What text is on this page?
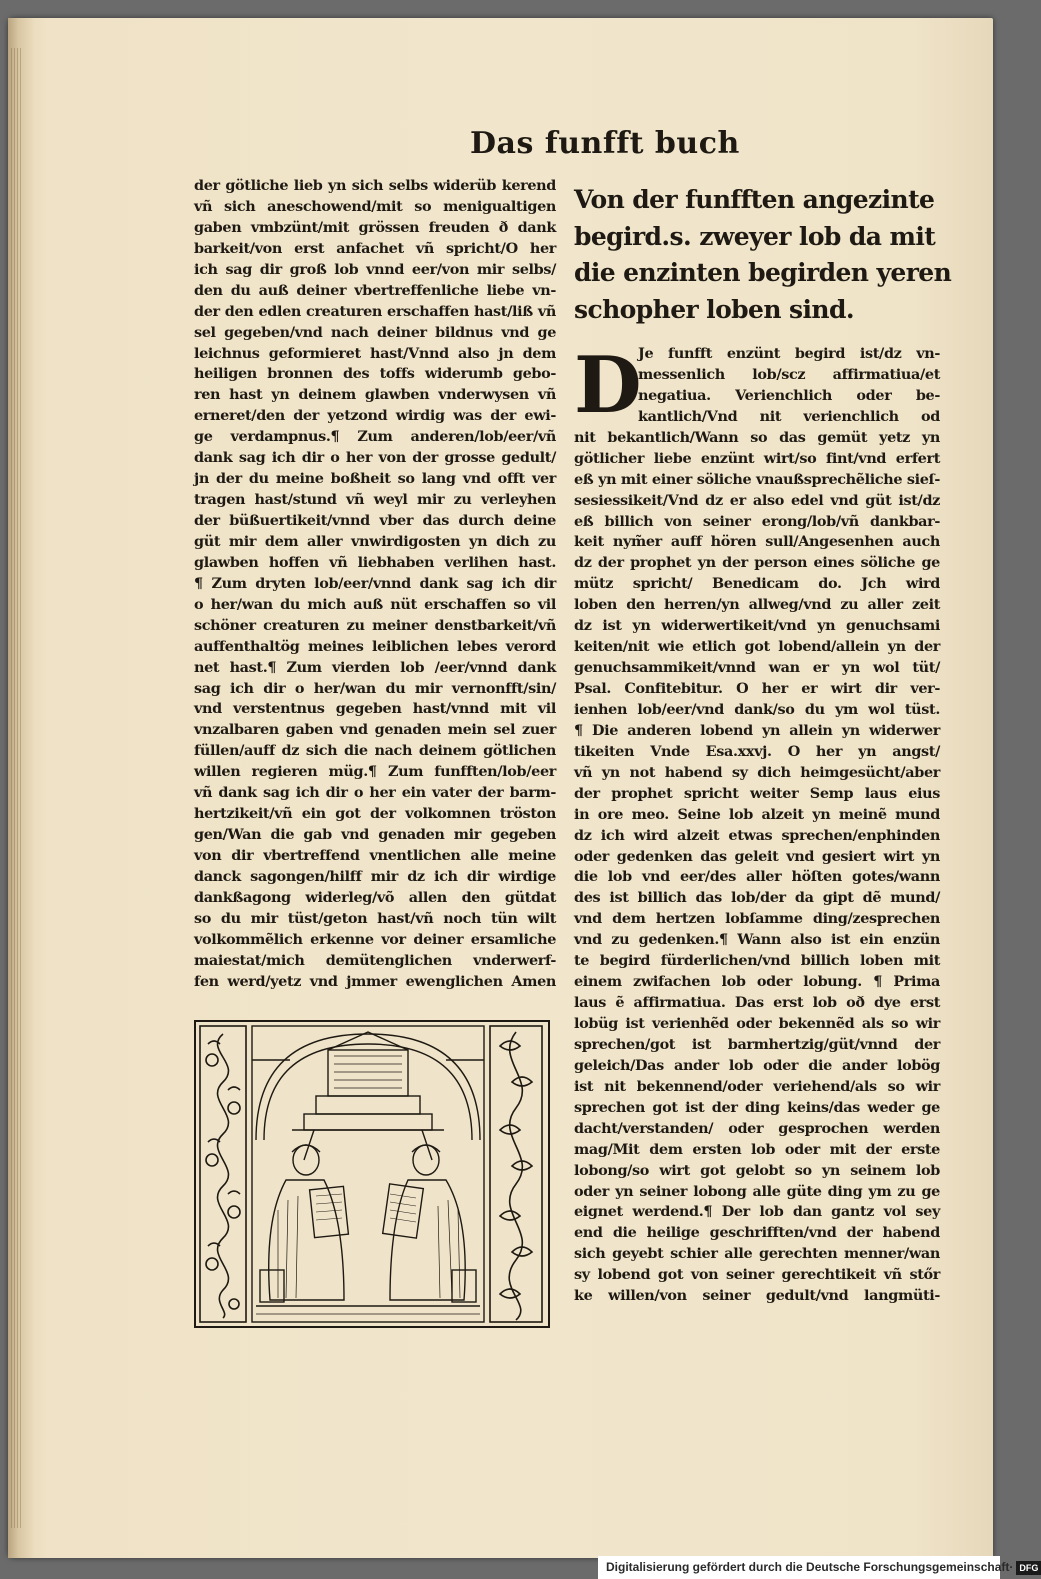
Das funfft buch
der götliche lieb yn sich selbs widerüb kerend
vñ sich aneschowend/mit so menigualtigen
gaben vmbzünt/mit grössen freuden ð dank
barkeit/von erst anfachet vñ spricht/O her
ich sag dir groß lob vnnd eer/von mir selbs/
den du auß deiner vbertreffenliche liebe vn-
der den edlen creaturen erschaffen hast/liß vñ
sel gegeben/vnd nach deiner bildnus vnd ge
leichnus geformieret hast/Vnnd also jn dem
heiligen bronnen des toffs widerumb gebo-
ren hast yn deinem glawben vnderwysen vñ
erneret/den der yetzond wirdig was der ewi-
ge verdampnus.¶ Zum anderen/lob/eer/vñ
dank sag ich dir o her von der grosse gedult/
jn der du meine boßheit so lang vnd offt ver
tragen hast/stund vñ weyl mir zu verleyhen
der büßuertikeit/vnnd vber das durch deine
güt mir dem aller vnwirdigosten yn dich zu
glawben hoffen vñ liebhaben verlihen hast.
¶ Zum dryten lob/eer/vnnd dank sag ich dir
o her/wan du mich auß nüt erschaffen so vil
schöner creaturen zu meiner denstbarkeit/vñ
auffenthaltög meines leiblichen lebes verord
net hast.¶ Zum vierden lob /eer/vnnd dank
sag ich dir o her/wan du mir vernonfft/sin/
vnd verstentnus gegeben hast/vnnd mit vil
vnzalbaren gaben vnd genaden mein sel zuer
füllen/auff dz sich die nach deinem götlichen
willen regieren müg.¶ Zum funfften/lob/eer
vñ dank sag ich dir o her ein vater der barm-
hertzikeit/vñ ein got der volkomnen tröston
gen/Wan die gab vnd genaden mir gegeben
von dir vbertreffend vnentlichen alle meine
danck sagongen/hilff mir dz ich dir wirdige
dankßagong widerleg/võ allen den gütdat
so du mir tüst/geton hast/vñ noch tün wilt
volkommẽlich erkenne vor deiner ersamliche
maiestat/mich demütenglichen vnderwerf-
fen werd/yetz vnd jmmer ewenglichen Amen
Von der funfften angezinte
begird.s. zweyer lob da mit
die enzinten begirden yeren
schopher loben sind.
D
Je funfft enzünt begird ist/dz vn-
messenlich lob/scz affirmatiua/et
negatiua. Verienchlich oder be-
kantlich/Vnd nit verienchlich od
nit bekantlich/Wann so das gemüt yetz yn
götlicher liebe enzünt wirt/so fint/vnd erfert
eß yn mit einer söliche vnaußsprechẽliche sieſ-
sesiessikeit/Vnd dz er also edel vnd güt ist/dz
eß billich von seiner erong/lob/vñ dankbar-
keit nym̃er auff hören sull/Angesenhen auch
dz der prophet yn der person eines söliche ge
mütz spricht/ Benedicam do. Jch wird
loben den herren/yn allweg/vnd zu aller zeit
dz ist yn widerwertikeit/vnd yn genuchsami
keiten/nit wie etlich got lobend/allein yn der
genuchsammikeit/vnnd wan er yn wol tüt/
Psal. Confitebitur. O her er wirt dir ver-
ienhen lob/eer/vnd dank/so du ym wol tüst.
¶ Die anderen lobend yn allein yn widerwer
tikeiten Vnde Esa.xxvj. O her yn angst/
vñ yn not habend sy dich heimgesücht/aber
der prophet spricht weiter Semp laus eius
in ore meo. Seine lob alzeit yn meinẽ mund
dz ich wird alzeit etwas sprechen/enphinden
oder gedenken das geleit vnd gesiert wirt yn
die lob vnd eer/des aller höſten gotes/wann
des ist billich das lob/der da gipt dẽ mund/
vnd dem hertzen lobſamme ding/zesprechen
vnd zu gedenken.¶ Wann also ist ein enzün
te begird fürderlichen/vnd billich loben mit
einem zwifachen lob oder lobung. ¶ Prima
laus ẽ affirmatiua. Das erst lob oð dye erst
lobüg ist verienhẽd oder bekennẽd als so wir
sprechen/got ist barmhertzig/güt/vnnd der
geleich/Das ander lob oder die ander lobög
ist nit bekennend/oder veriehend/als so wir
sprechen got ist der ding keins/das weder ge
dacht/verstanden/ oder gesprochen werden
mag/Mit dem ersten lob oder mit der erste
lobong/so wirt got gelobt so yn seinem lob
oder yn seiner lobong alle güte ding ym zu ge
eignet werdend.¶ Der lob dan gantz vol sey
end die heilige geschrifften/vnd der habend
sich geyebt schier alle gerechten menner/wan
sy lobend got von seiner gerechtikeit vñ stőr
ke willen/von seiner gedult/vnd langmüti-
Digitalisierung gefördert durch die Deutsche Forschungsgemeinschaft· DFG
